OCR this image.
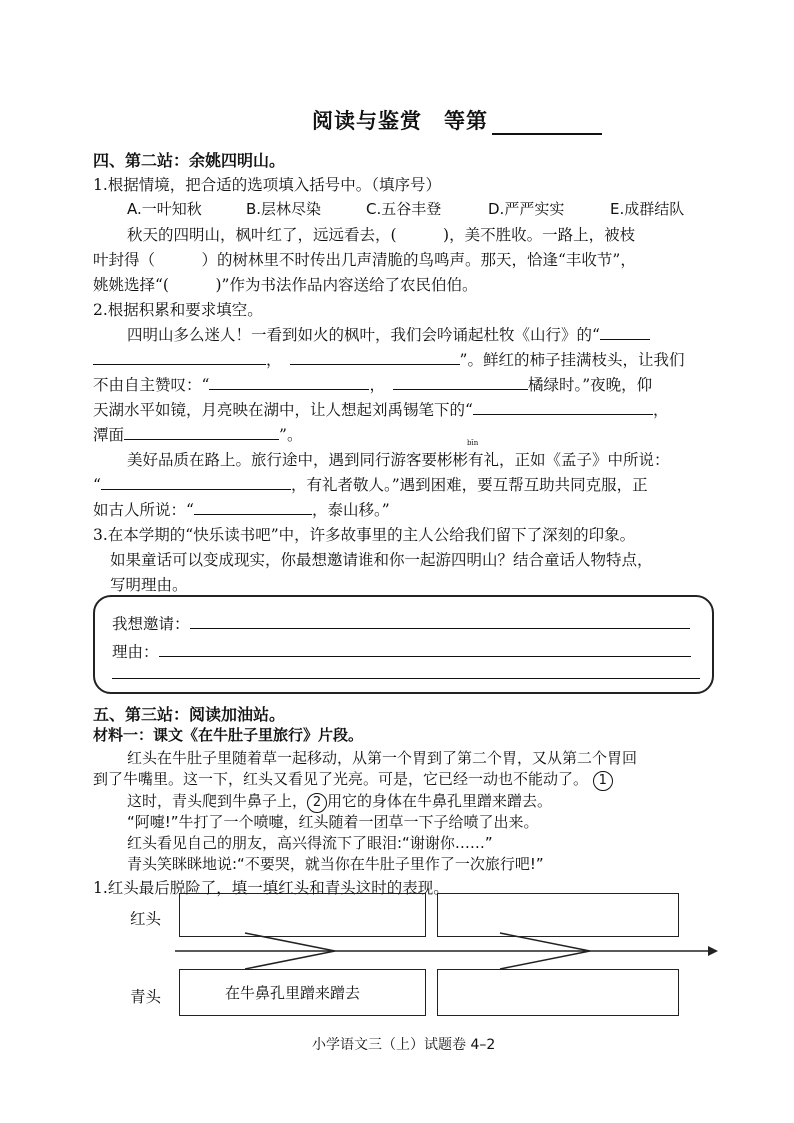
阅读与鉴赏　等第
四、第二站：余姚四明山。
1.根据情境，把合适的选项填入括号中。（填序号）
A.一叶知秋	B.层林尽染	C.五谷丰登	D.严严实实	E.成群结队
秋天的四明山，枫叶红了，远远看去，(　　　)，美不胜收。一路上，被枝
叶封得（　　　）的树林里不时传出几声清脆的鸟鸣声。那天，恰逢“丰收节”，
姚姚选择“(　　　)”作为书法作品内容送给了农民伯伯。
2.根据积累和要求填空。
四明山多么迷人！一看到如火的枫叶，我们会吟诵起杜牧《山行》的“
，	”。鲜红的柿子挂满枝头，让我们
不由自主赞叹：“	，	橘绿时。”夜晚，仰
天湖水平如镜，月亮映在湖中，让人想起刘禹锡笔下的“	，
潭面	”。	bīn
美好品质在路上。旅行途中，遇到同行游客要彬彬有礼，正如《孟子》中所说：
“	，有礼者敬人。”遇到困难，要互帮互助共同克服，正
如古人所说：“	，泰山移。”
3.在本学期的“快乐读书吧”中，许多故事里的主人公给我们留下了深刻的印象。
如果童话可以变成现实，你最想邀请谁和你一起游四明山？结合童话人物特点，
写明理由。
我想邀请：
理由：
五、第三站：阅读加油站。
材料一：课文《在牛肚子里旅行》片段。
红头在牛肚子里随着草一起移动，从第一个胃到了第二个胃，又从第二个胃回
到了牛嘴里。这一下，红头又看见了光亮。可是，它已经一动也不能动了。 1
这时，青头爬到牛鼻子上， 2 用它的身体在牛鼻孔里蹭来蹭去。
“阿嚏!”牛打了一个喷嚏，红头随着一团草一下子给喷了出来。
红头看见自己的朋友，高兴得流下了眼泪:“谢谢你……”
青头笑眯眯地说:“不要哭，就当你在牛肚子里作了一次旅行吧!”
1.红头最后脱险了，填一填红头和青头这时的表现。
红头
青头	在牛鼻孔里蹭来蹭去
小学语文三（上）试题卷 4–2
